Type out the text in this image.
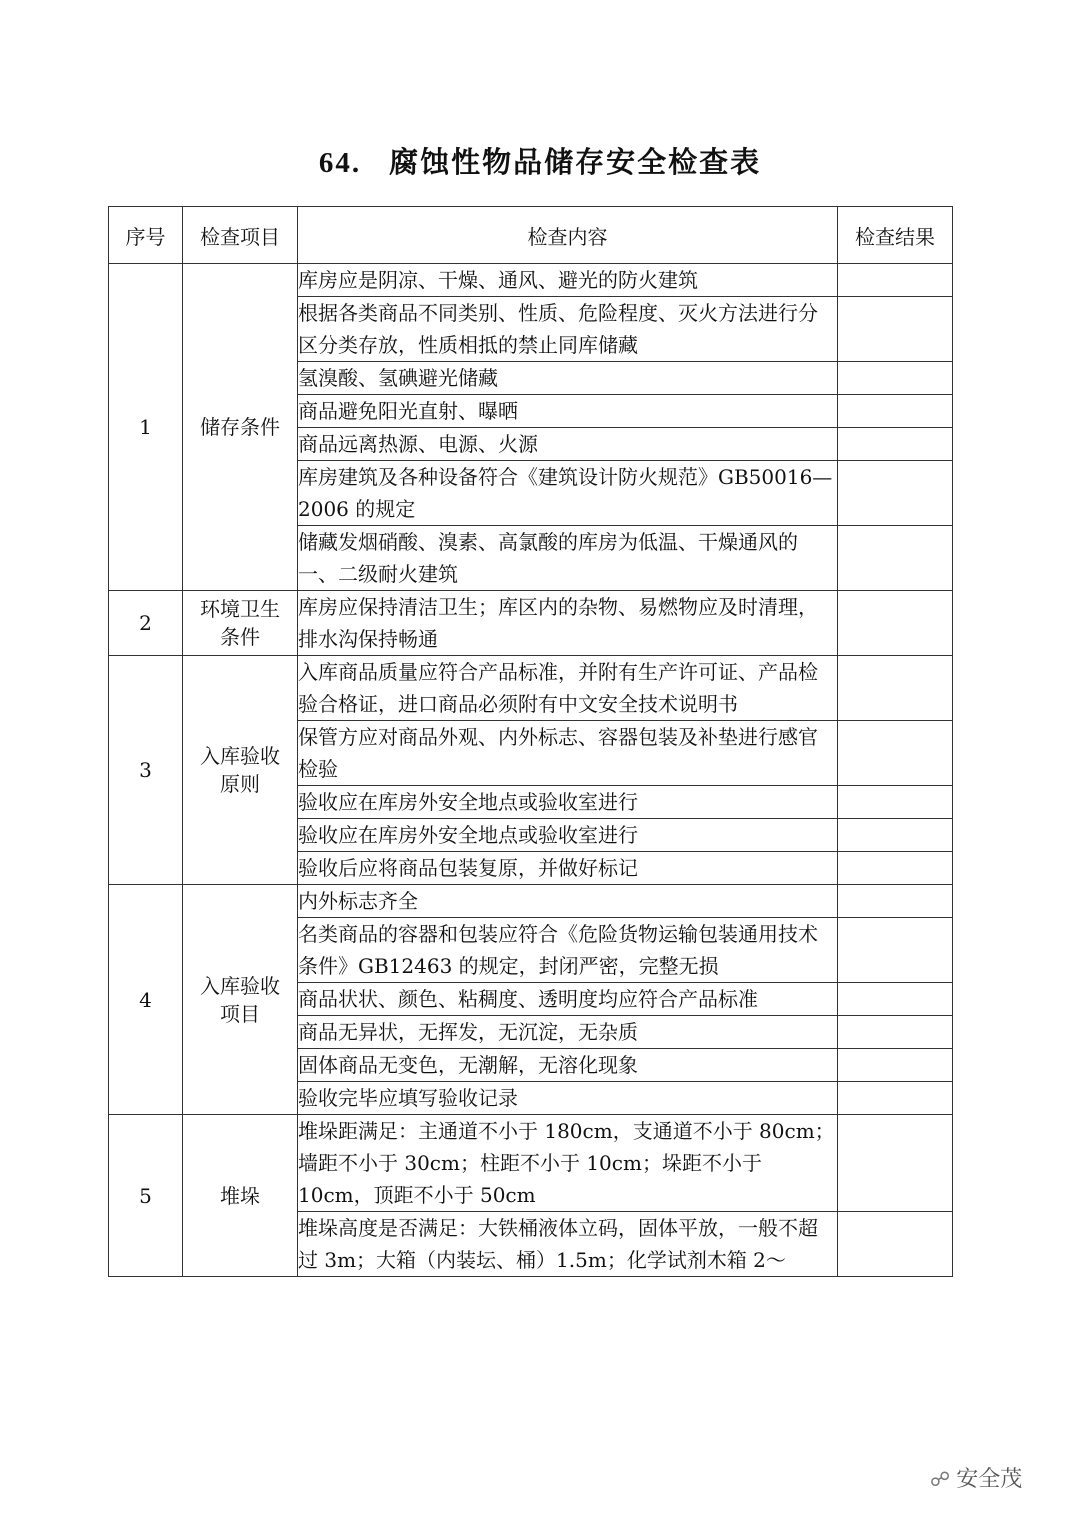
64. 腐蚀性物品储存安全检查表
序号	检查项目	检查内容	检查结果
1	储存条件	库房应是阴凉、干燥、通风、避光的防火建筑	
		根据各类商品不同类别、性质、危险程度、灭火方法进行分区分类存放，性质相抵的禁止同库储藏	
		氢溴酸、氢碘避光储藏	
		商品避免阳光直射、曝晒	
		商品远离热源、电源、火源	
		库房建筑及各种设备符合《建筑设计防火规范》GB50016—2006 的规定	
		储藏发烟硝酸、溴素、高氯酸的库房为低温、干燥通风的一、二级耐火建筑	
2	环境卫生条件	库房应保持清洁卫生；库区内的杂物、易燃物应及时清理，排水沟保持畅通	
3	入库验收原则	入库商品质量应符合产品标准，并附有生产许可证、产品检验合格证，进口商品必须附有中文安全技术说明书	
		保管方应对商品外观、内外标志、容器包装及补垫进行感官检验	
		验收应在库房外安全地点或验收室进行	
		验收应在库房外安全地点或验收室进行	
		验收后应将商品包装复原，并做好标记	
4	入库验收项目	内外标志齐全	
		名类商品的容器和包装应符合《危险货物运输包装通用技术条件》GB12463 的规定，封闭严密，完整无损	
		商品状状、颜色、粘稠度、透明度均应符合产品标准	
		商品无异状，无挥发，无沉淀，无杂质	
		固体商品无变色，无潮解，无溶化现象	
		验收完毕应填写验收记录	
5	堆垛	堆垛距满足：主通道不小于 180cm，支通道不小于 80cm；墙距不小于 30cm；柱距不小于 10cm；垛距不小于 10cm，顶距不小于 50cm	
		堆垛高度是否满足：大铁桶液体立码，固体平放，一般不超过 3m；大箱（内装坛、桶）1.5m；化学试剂木箱 2～	
☍ 安全茂
